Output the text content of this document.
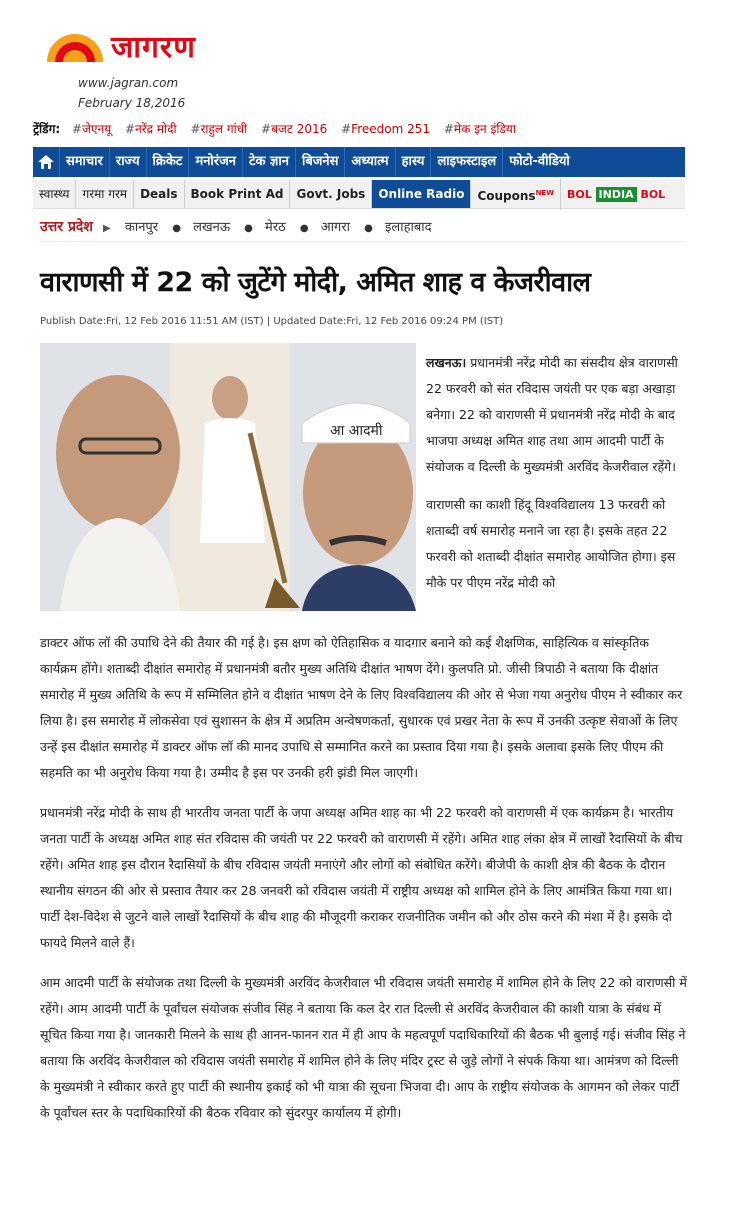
जागरण
www.jagran.com
February 18,2016
ट्रेंडिंग: #जेएनयू #नरेंद्र मोदी #राहुल गांधी #बजट 2016 #Freedom 251 #मेक इन इंडिया
समाचार	राज्य	क्रिकेट	मनोरंजन	टेक ज्ञान	बिजनेस	अध्यात्म	हास्य	लाइफस्टाइल	फोटो-वीडियो
स्वास्थ्य	गरमा गरम	Deals	Book Print Ad	Govt. Jobs	Online Radio	Coupons$^{NEW}$	BOL INDIA BOL
उत्तर प्रदेश ▶ कानपुर ● लखनऊ ● मेरठ ● आगरा ● इलाहाबाद
वाराणसी में 22 को जुटेंगे मोदी, अमित शाह व केजरीवाल
Publish Date:Fri, 12 Feb 2016 11:51 AM (IST) | Updated Date:Fri, 12 Feb 2016 09:24 PM (IST)
आ आदमी

लखनऊ। प्रधानमंत्री नरेंद्र मोदी का संसदीय क्षेत्र वाराणसी 22 फरवरी को संत रविदास जयंती पर एक बड़ा अखाड़ा बनेगा। 22 को वाराणसी में प्रधानमंत्री नरेंद्र मोदी के बाद भाजपा अध्यक्ष अमित शाह तथा आम आदमी पार्टी के संयोजक व दिल्ली के मुख्यमंत्री अरविंद केजरीवाल रहेंगे।

वाराणसी का काशी हिंदू विश्वविद्यालय 13 फरवरी को शताब्दी वर्ष समारोह मनाने जा रहा है। इसके तहत 22 फरवरी को शताब्दी दीक्षांत समारोह आयोजित होगा। इस मौके पर पीएम नरेंद्र मोदी को

डाक्टर ऑफ लॉ की उपाधि देने की तैयार की गई है। इस क्षण को ऐतिहासिक व यादगार बनाने को कई शैक्षणिक, साहित्यिक व सांस्कृतिक कार्यक्रम होंगे। शताब्दी दीक्षांत समारोह में प्रधानमंत्री बतौर मुख्य अतिथि दीक्षांत भाषण देंगे। कुलपति प्रो. जीसी त्रिपाठी ने बताया कि दीक्षांत समारोह में मुख्य अतिथि के रूप में सम्मिलित होने व दीक्षांत भाषण देने के लिए विश्वविद्यालय की ओर से भेजा गया अनुरोध पीएम ने स्वीकार कर लिया है। इस समारोह में लोकसेवा एवं सुशासन के क्षेत्र में अप्रतिम अन्वेषणकर्ता, सुधारक एवं प्रखर नेता के रूप में उनकी उत्कृष्ट सेवाओं के लिए उन्हें इस दीक्षांत समारोह में डाक्टर ऑफ लॉ की मानद उपाधि से सम्मानित करने का प्रस्ताव दिया गया है। इसके अलावा इसके लिए पीएम की सहमति का भी अनुरोध किया गया है। उम्मीद है इस पर उनकी हरी झंडी मिल जाएगी।

प्रधानमंत्री नरेंद्र मोदी के साथ ही भारतीय जनता पार्टी के जपा अध्यक्ष अमित शाह का भी 22 फरवरी को वाराणसी में एक कार्यक्रम है। भारतीय जनता पार्टी के अध्यक्ष अमित शाह संत रविदास की जयंती पर 22 फरवरी को वाराणसी में रहेंगे। अमित शाह लंका क्षेत्र में लाखों रैदासियों के बीच रहेंगे। अमित शाह इस दौरान रैदासियों के बीच रविदास जयंती मनाएंगे और लोगों को संबोधित करेंगे। बीजेपी के काशी क्षेत्र की बैठक के दौरान स्थानीय संगठन की ओर से प्रस्ताव तैयार कर 28 जनवरी को रविदास जयंती में राष्ट्रीय अध्यक्ष को शामिल होने के लिए आमंत्रित किया गया था। पार्टी देश-विदेश से जुटने वाले लाखों रैदासियों के बीच शाह की मौजूदगी कराकर राजनीतिक जमीन को और ठोस करने की मंशा में है। इसके दो फायदे मिलने वाले हैं।

आम आदमी पार्टी के संयोजक तथा दिल्ली के मुख्यमंत्री अरविंद केजरीवाल भी रविदास जयंती समारोह में शामिल होने के लिए 22 को वाराणसी में रहेंगे। आम आदमी पार्टी के पूर्वांचल संयोजक संजीव सिंह ने बताया कि कल देर रात दिल्ली से अरविंद केजरीवाल की काशी यात्रा के संबंध में सूचित किया गया है। जानकारी मिलने के साथ ही आनन-फानन रात में ही आप के महत्वपूर्ण पदाधिकारियों की बैठक भी बुलाई गई। संजीव सिंह ने बताया कि अरविंद केजरीवाल को रविदास जयंती समारोह में शामिल होने के लिए मंदिर ट्रस्ट से जुड़े लोगों ने संपर्क किया था। आमंत्रण को दिल्ली के मुख्यमंत्री ने स्वीकार करते हुए पार्टी की स्थानीय इकाई को भी यात्रा की सूचना भिजवा दी। आप के राष्ट्रीय संयोजक के आगमन को लेकर पार्टी के पूर्वांचल स्तर के पदाधिकारियों की बैठक रविवार को सुंदरपुर कार्यालय में होगी।
